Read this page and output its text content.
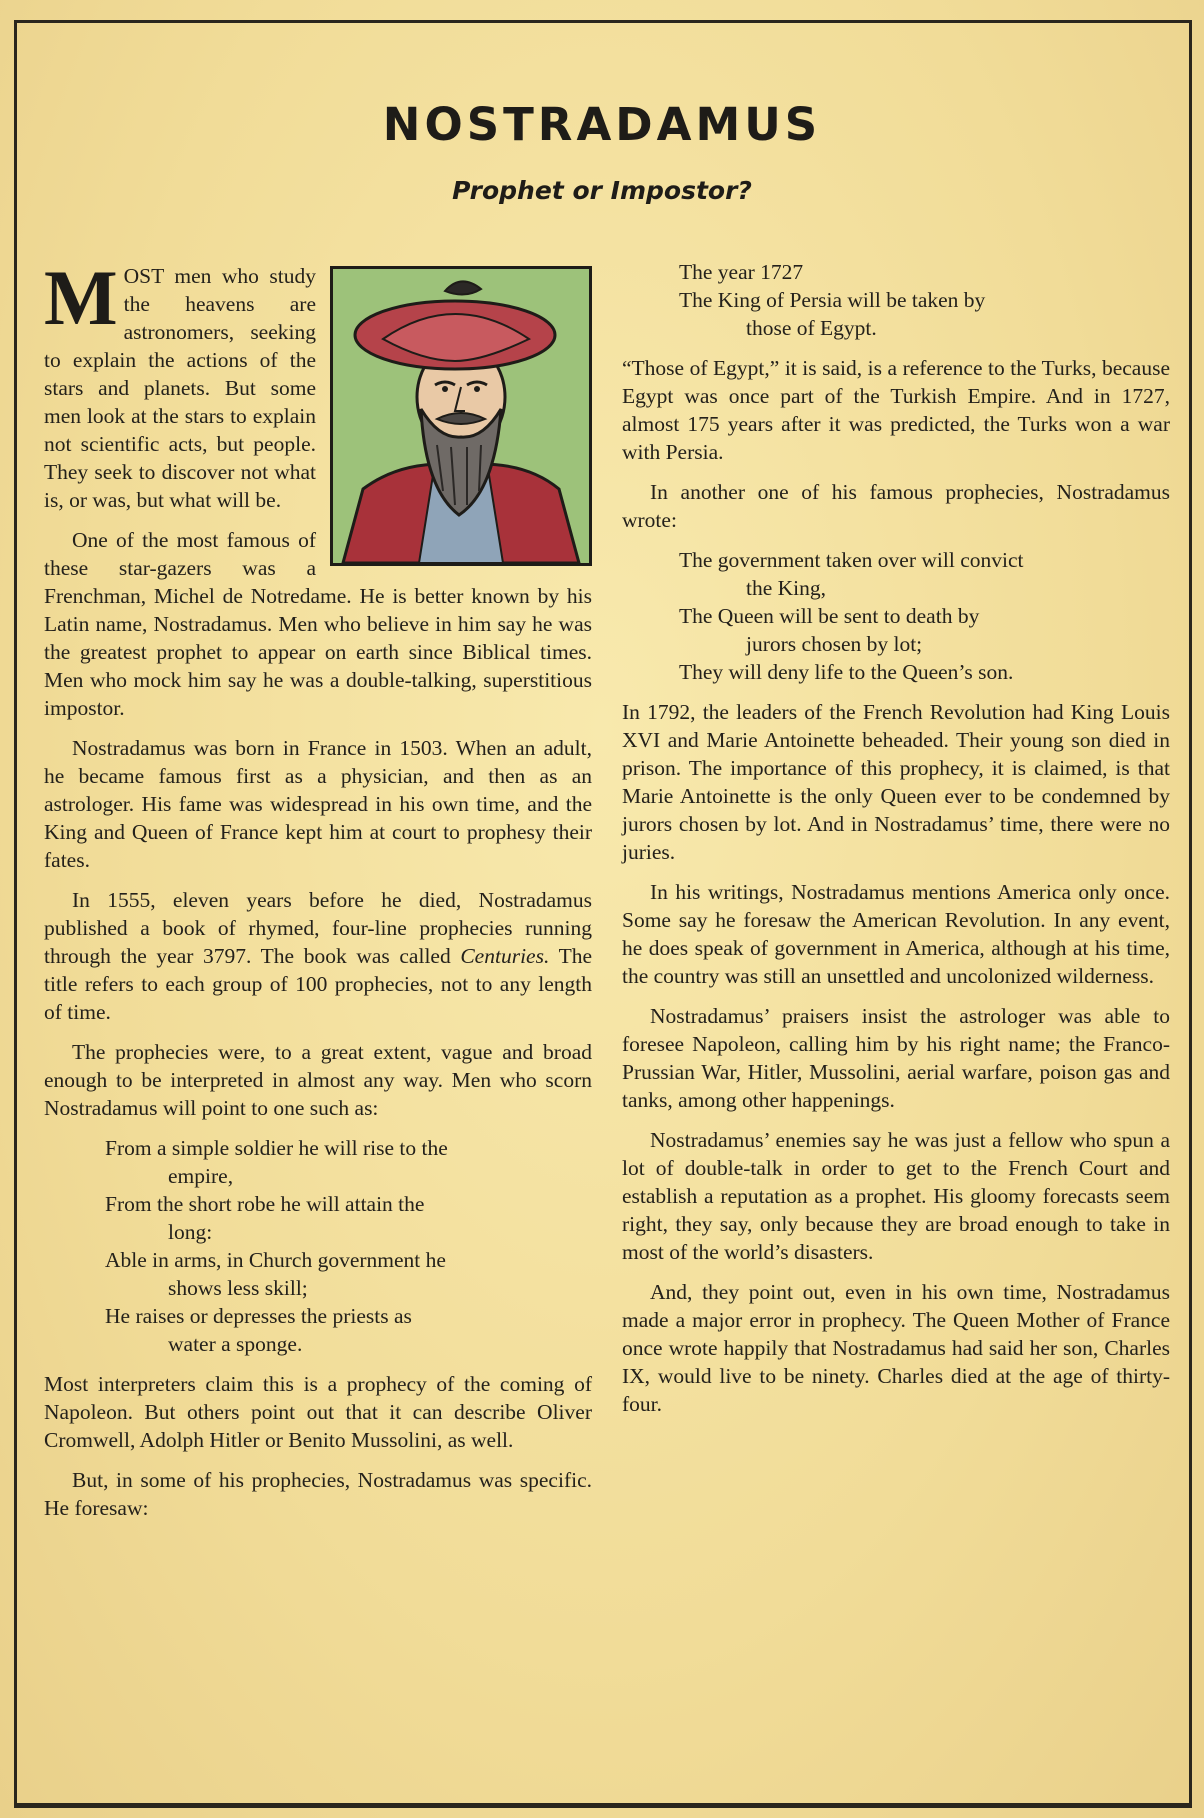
NOSTRADAMUS
Prophet or Impostor?

MOST men who study the heavens are astronomers, seeking to explain the actions of the stars and planets. But some men look at the stars to explain not scientific acts, but people. They seek to discover not what is, or was, but what will be.

One of the most famous of these star-gazers was a Frenchman, Michel de Notredame. He is better known by his Latin name, Nostradamus. Men who believe in him say he was the greatest prophet to appear on earth since Biblical times. Men who mock him say he was a double-talking, superstitious impostor.

Nostradamus was born in France in 1503. When an adult, he became famous first as a physician, and then as an astrologer. His fame was widespread in his own time, and the King and Queen of France kept him at court to prophesy their fates.

In 1555, eleven years before he died, Nostradamus published a book of rhymed, four-line prophecies running through the year 3797. The book was called Centuries. The title refers to each group of 100 prophecies, not to any length of time.

The prophecies were, to a great extent, vague and broad enough to be interpreted in almost any way. Men who scorn Nostradamus will point to one such as:

From a simple soldier he will rise to the
empire,
From the short robe he will attain the
long:
Able in arms, in Church government he
shows less skill;
He raises or depresses the priests as
water a sponge.

Most interpreters claim this is a prophecy of the coming of Napoleon. But others point out that it can describe Oliver Cromwell, Adolph Hitler or Benito Mussolini, as well.

But, in some of his prophecies, Nostradamus was specific. He foresaw:

The year 1727
The King of Persia will be taken by
those of Egypt.

“Those of Egypt,” it is said, is a reference to the Turks, because Egypt was once part of the Turkish Empire. And in 1727, almost 175 years after it was predicted, the Turks won a war with Persia.

In another one of his famous prophecies, Nostradamus wrote:

The government taken over will convict
the King,
The Queen will be sent to death by
jurors chosen by lot;
They will deny life to the Queen’s son.

In 1792, the leaders of the French Revolution had King Louis XVI and Marie Antoinette beheaded. Their young son died in prison. The importance of this prophecy, it is claimed, is that Marie Antoinette is the only Queen ever to be condemned by jurors chosen by lot. And in Nostradamus’ time, there were no juries.

In his writings, Nostradamus mentions America only once. Some say he foresaw the American Revolution. In any event, he does speak of government in America, although at his time, the country was still an unsettled and uncolonized wilderness.

Nostradamus’ praisers insist the astrologer was able to foresee Napoleon, calling him by his right name; the Franco-Prussian War, Hitler, Mussolini, aerial warfare, poison gas and tanks, among other happenings.

Nostradamus’ enemies say he was just a fellow who spun a lot of double-talk in order to get to the French Court and establish a reputation as a prophet. His gloomy forecasts seem right, they say, only because they are broad enough to take in most of the world’s disasters.

And, they point out, even in his own time, Nostradamus made a major error in prophecy. The Queen Mother of France once wrote happily that Nostradamus had said her son, Charles IX, would live to be ninety. Charles died at the age of thirty-four.
